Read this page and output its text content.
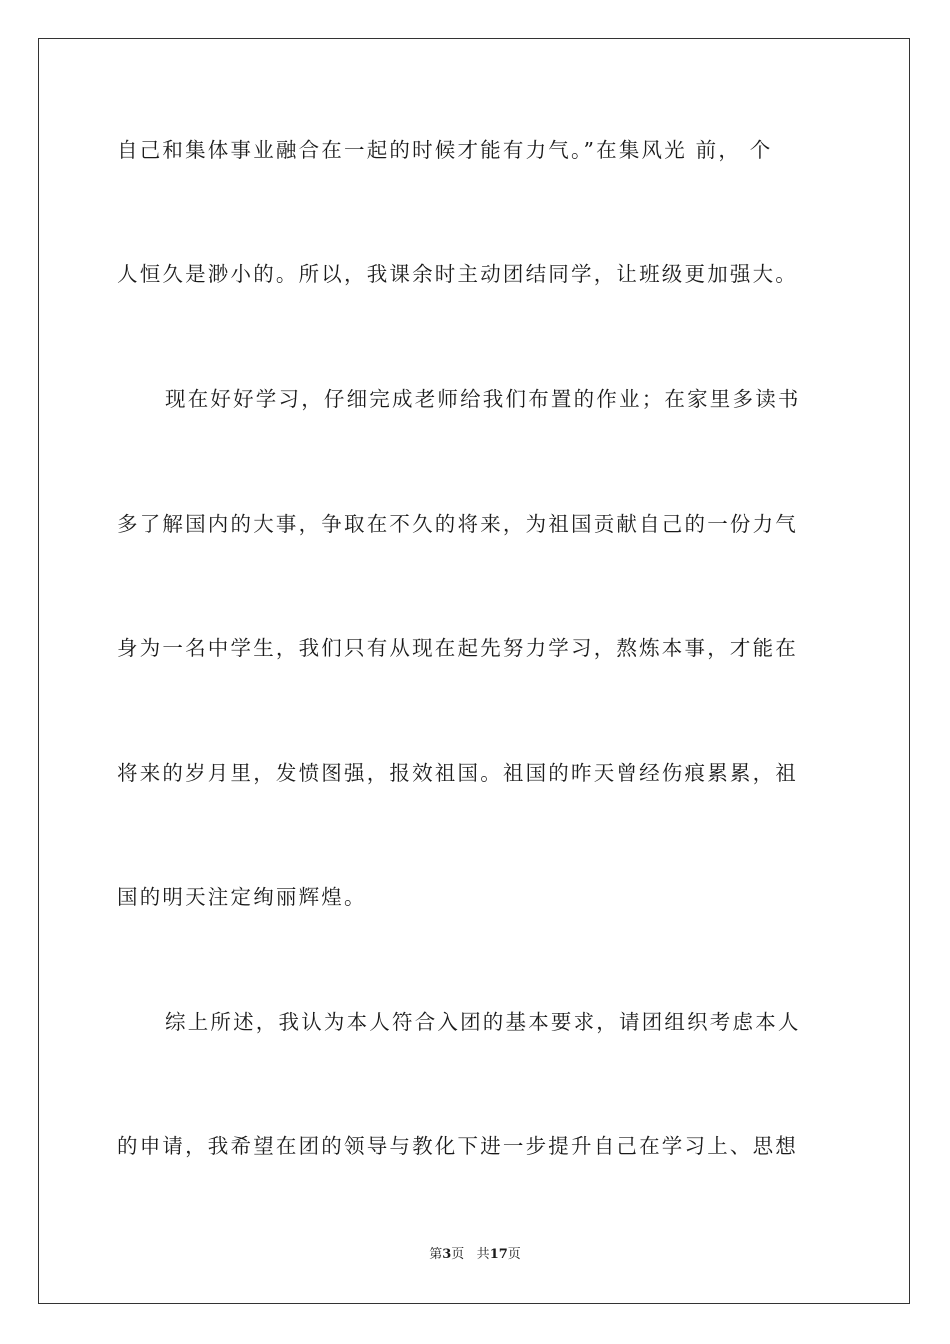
自己和集体事业融合在一起的时候才能有力气。”在集风光 前， 个
人恒久是渺小的。所以，我课余时主动团结同学，让班级更加强大。
现在好好学习，仔细完成老师给我们布置的作业；在家里多读书
多了解国内的大事，争取在不久的将来，为祖国贡献自己的一份力气
身为一名中学生，我们只有从现在起先努力学习，熬炼本事，才能在
将来的岁月里，发愤图强，报效祖国。祖国的昨天曾经伤痕累累，祖
国的明天注定绚丽辉煌。
综上所述，我认为本人符合入团的基本要求，请团组织考虑本人
的申请，我希望在团的领导与教化下进一步提升自己在学习上、思想
第3页 共17页
